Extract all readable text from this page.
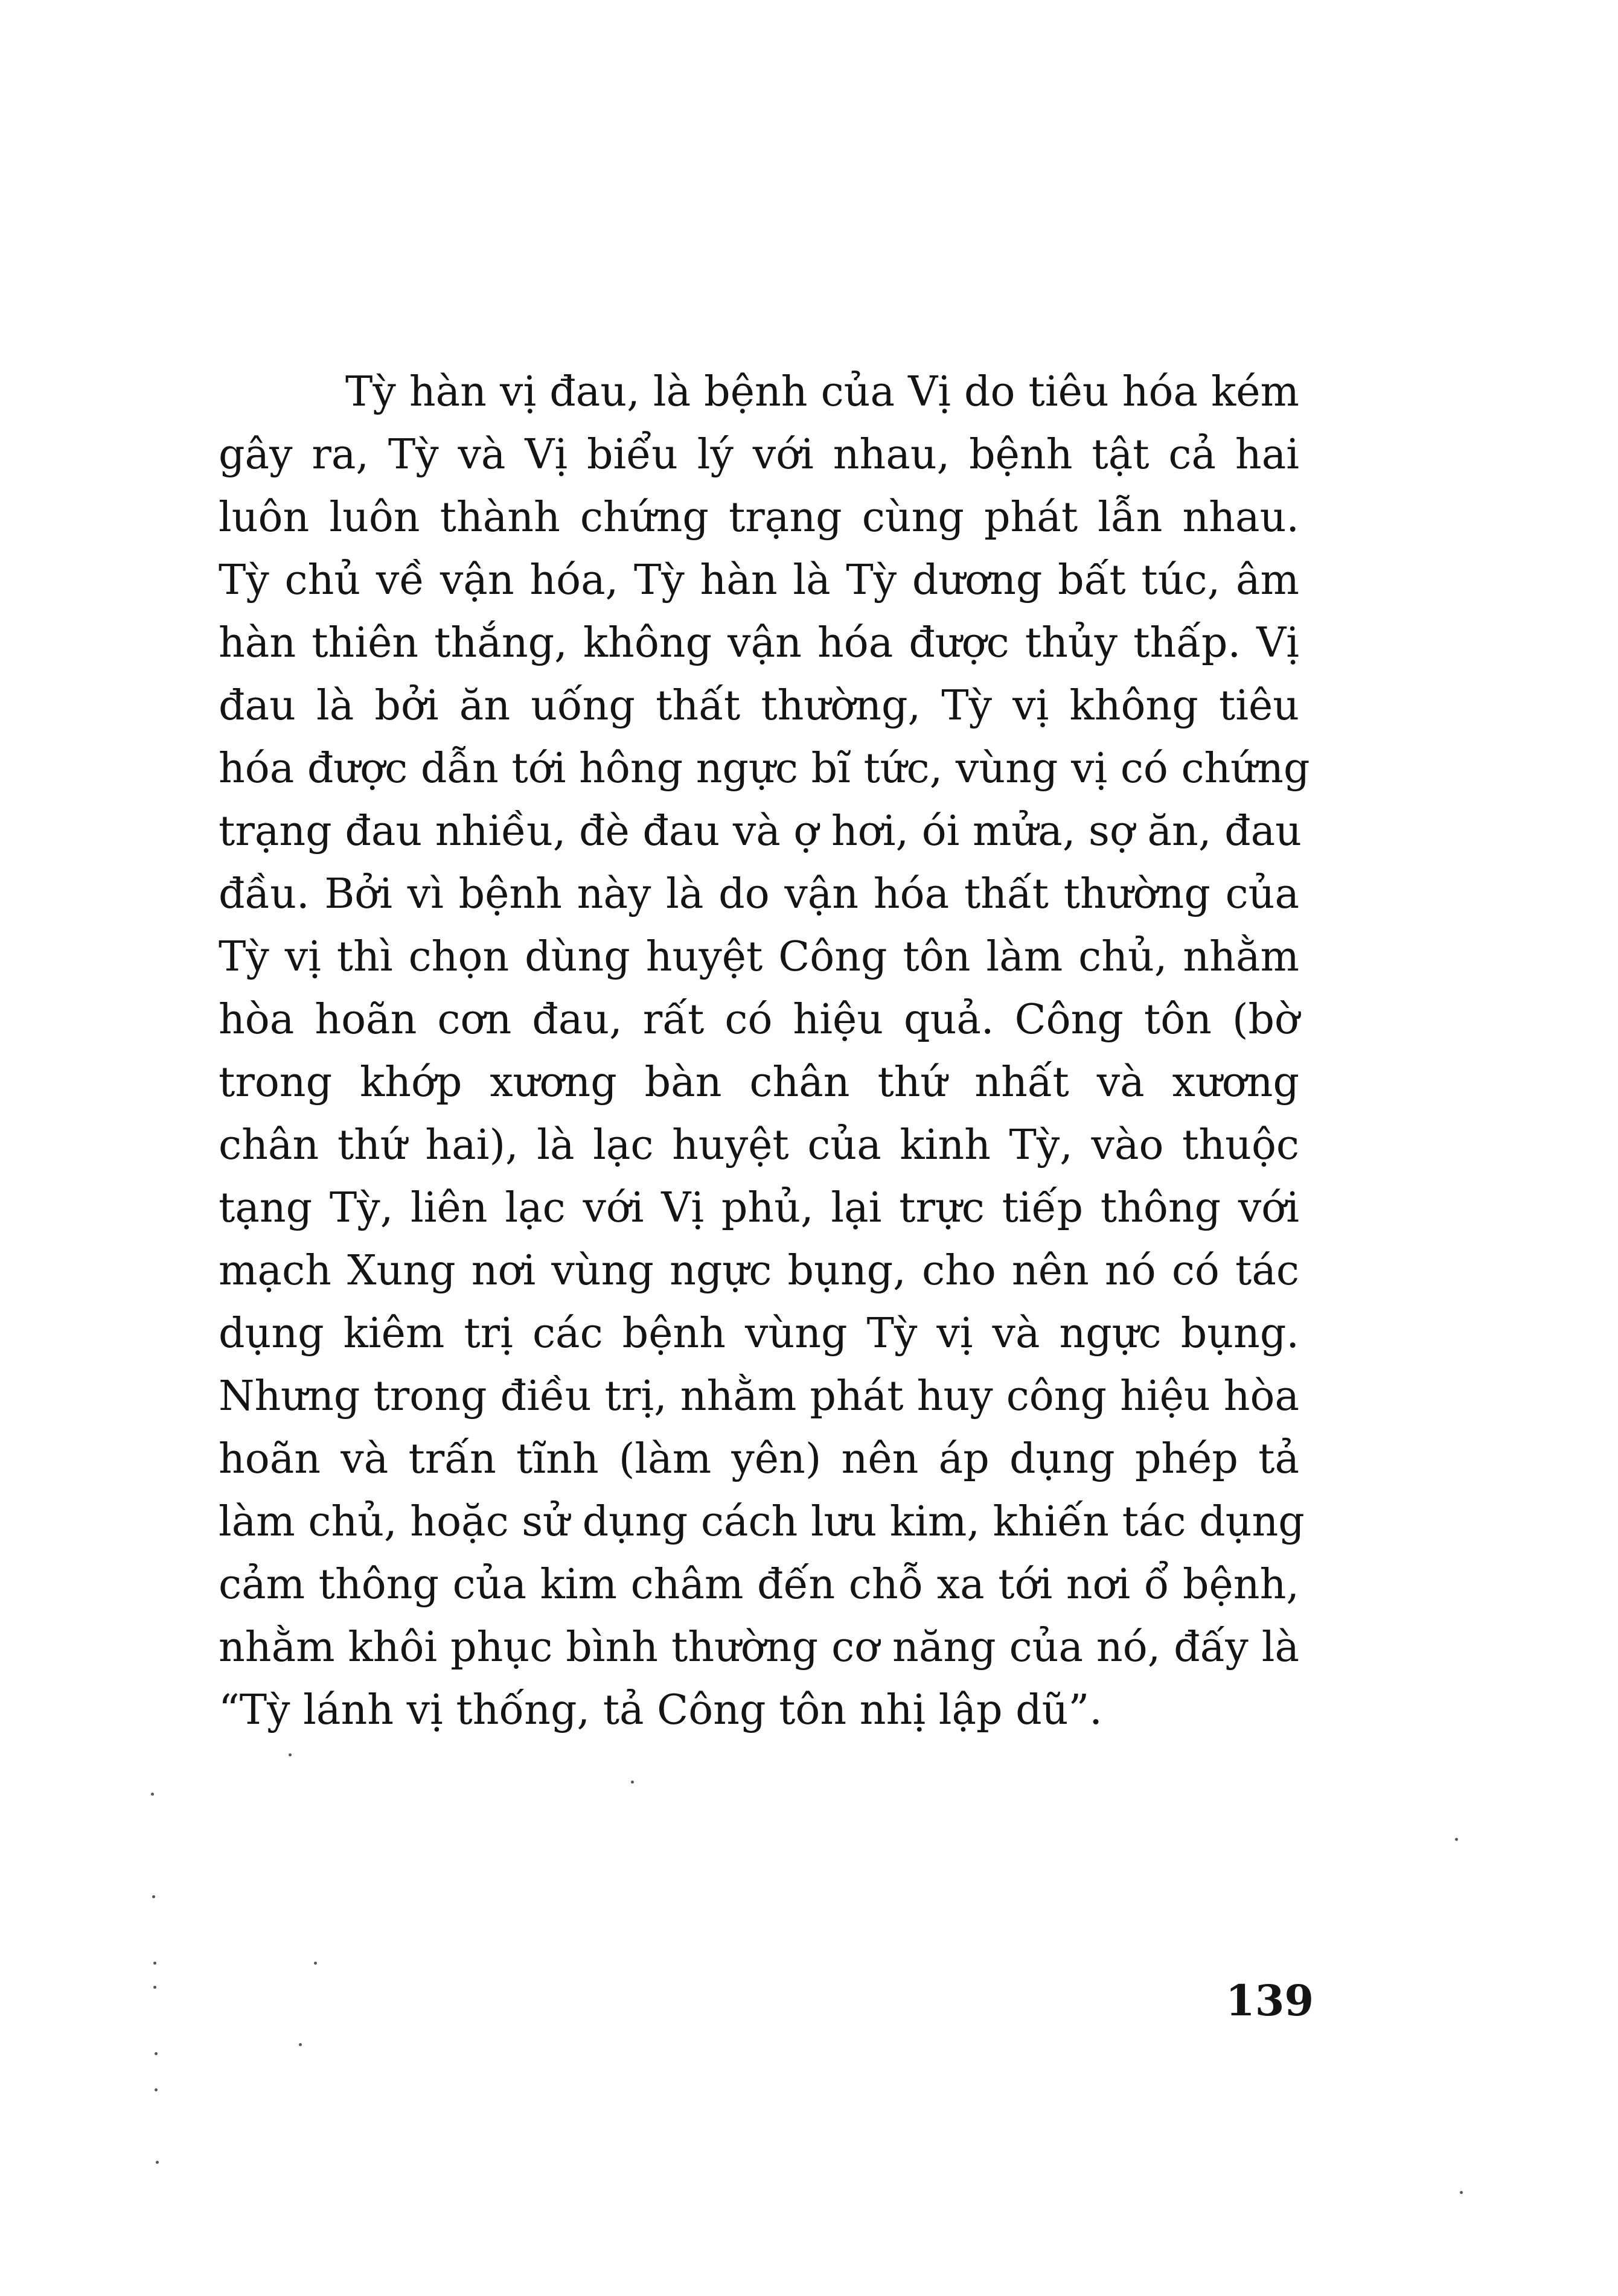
Tỳ hàn vị đau, là bệnh của Vị do tiêu hóa kém
gây ra, Tỳ và Vị biểu lý với nhau, bệnh tật cả hai
luôn luôn thành chứng trạng cùng phát lẫn nhau.
Tỳ chủ về vận hóa, Tỳ hàn là Tỳ dương bất túc, âm
hàn thiên thắng, không vận hóa được thủy thấp. Vị
đau là bởi ăn uống thất thường, Tỳ vị không tiêu
hóa được dẫn tới hông ngực bĩ tức, vùng vị có chứng
trạng đau nhiều, đè đau và ợ hơi, ói mửa, sợ ăn, đau
đầu. Bởi vì bệnh này là do vận hóa thất thường của
Tỳ vị thì chọn dùng huyệt Công tôn làm chủ, nhằm
hòa hoãn cơn đau, rất có hiệu quả. Công tôn (bờ
trong khớp xương bàn chân thứ nhất và xương
chân thứ hai), là lạc huyệt của kinh Tỳ, vào thuộc
tạng Tỳ, liên lạc với Vị phủ, lại trực tiếp thông với
mạch Xung nơi vùng ngực bụng, cho nên nó có tác
dụng kiêm trị các bệnh vùng Tỳ vị và ngực bụng.
Nhưng trong điều trị, nhằm phát huy công hiệu hòa
hoãn và trấn tĩnh (làm yên) nên áp dụng phép tả
làm chủ, hoặc sử dụng cách lưu kim, khiến tác dụng
cảm thông của kim châm đến chỗ xa tới nơi ổ bệnh,
nhằm khôi phục bình thường cơ năng của nó, đấy là
“Tỳ lánh vị thống, tả Công tôn nhị lập dũ”.
139
